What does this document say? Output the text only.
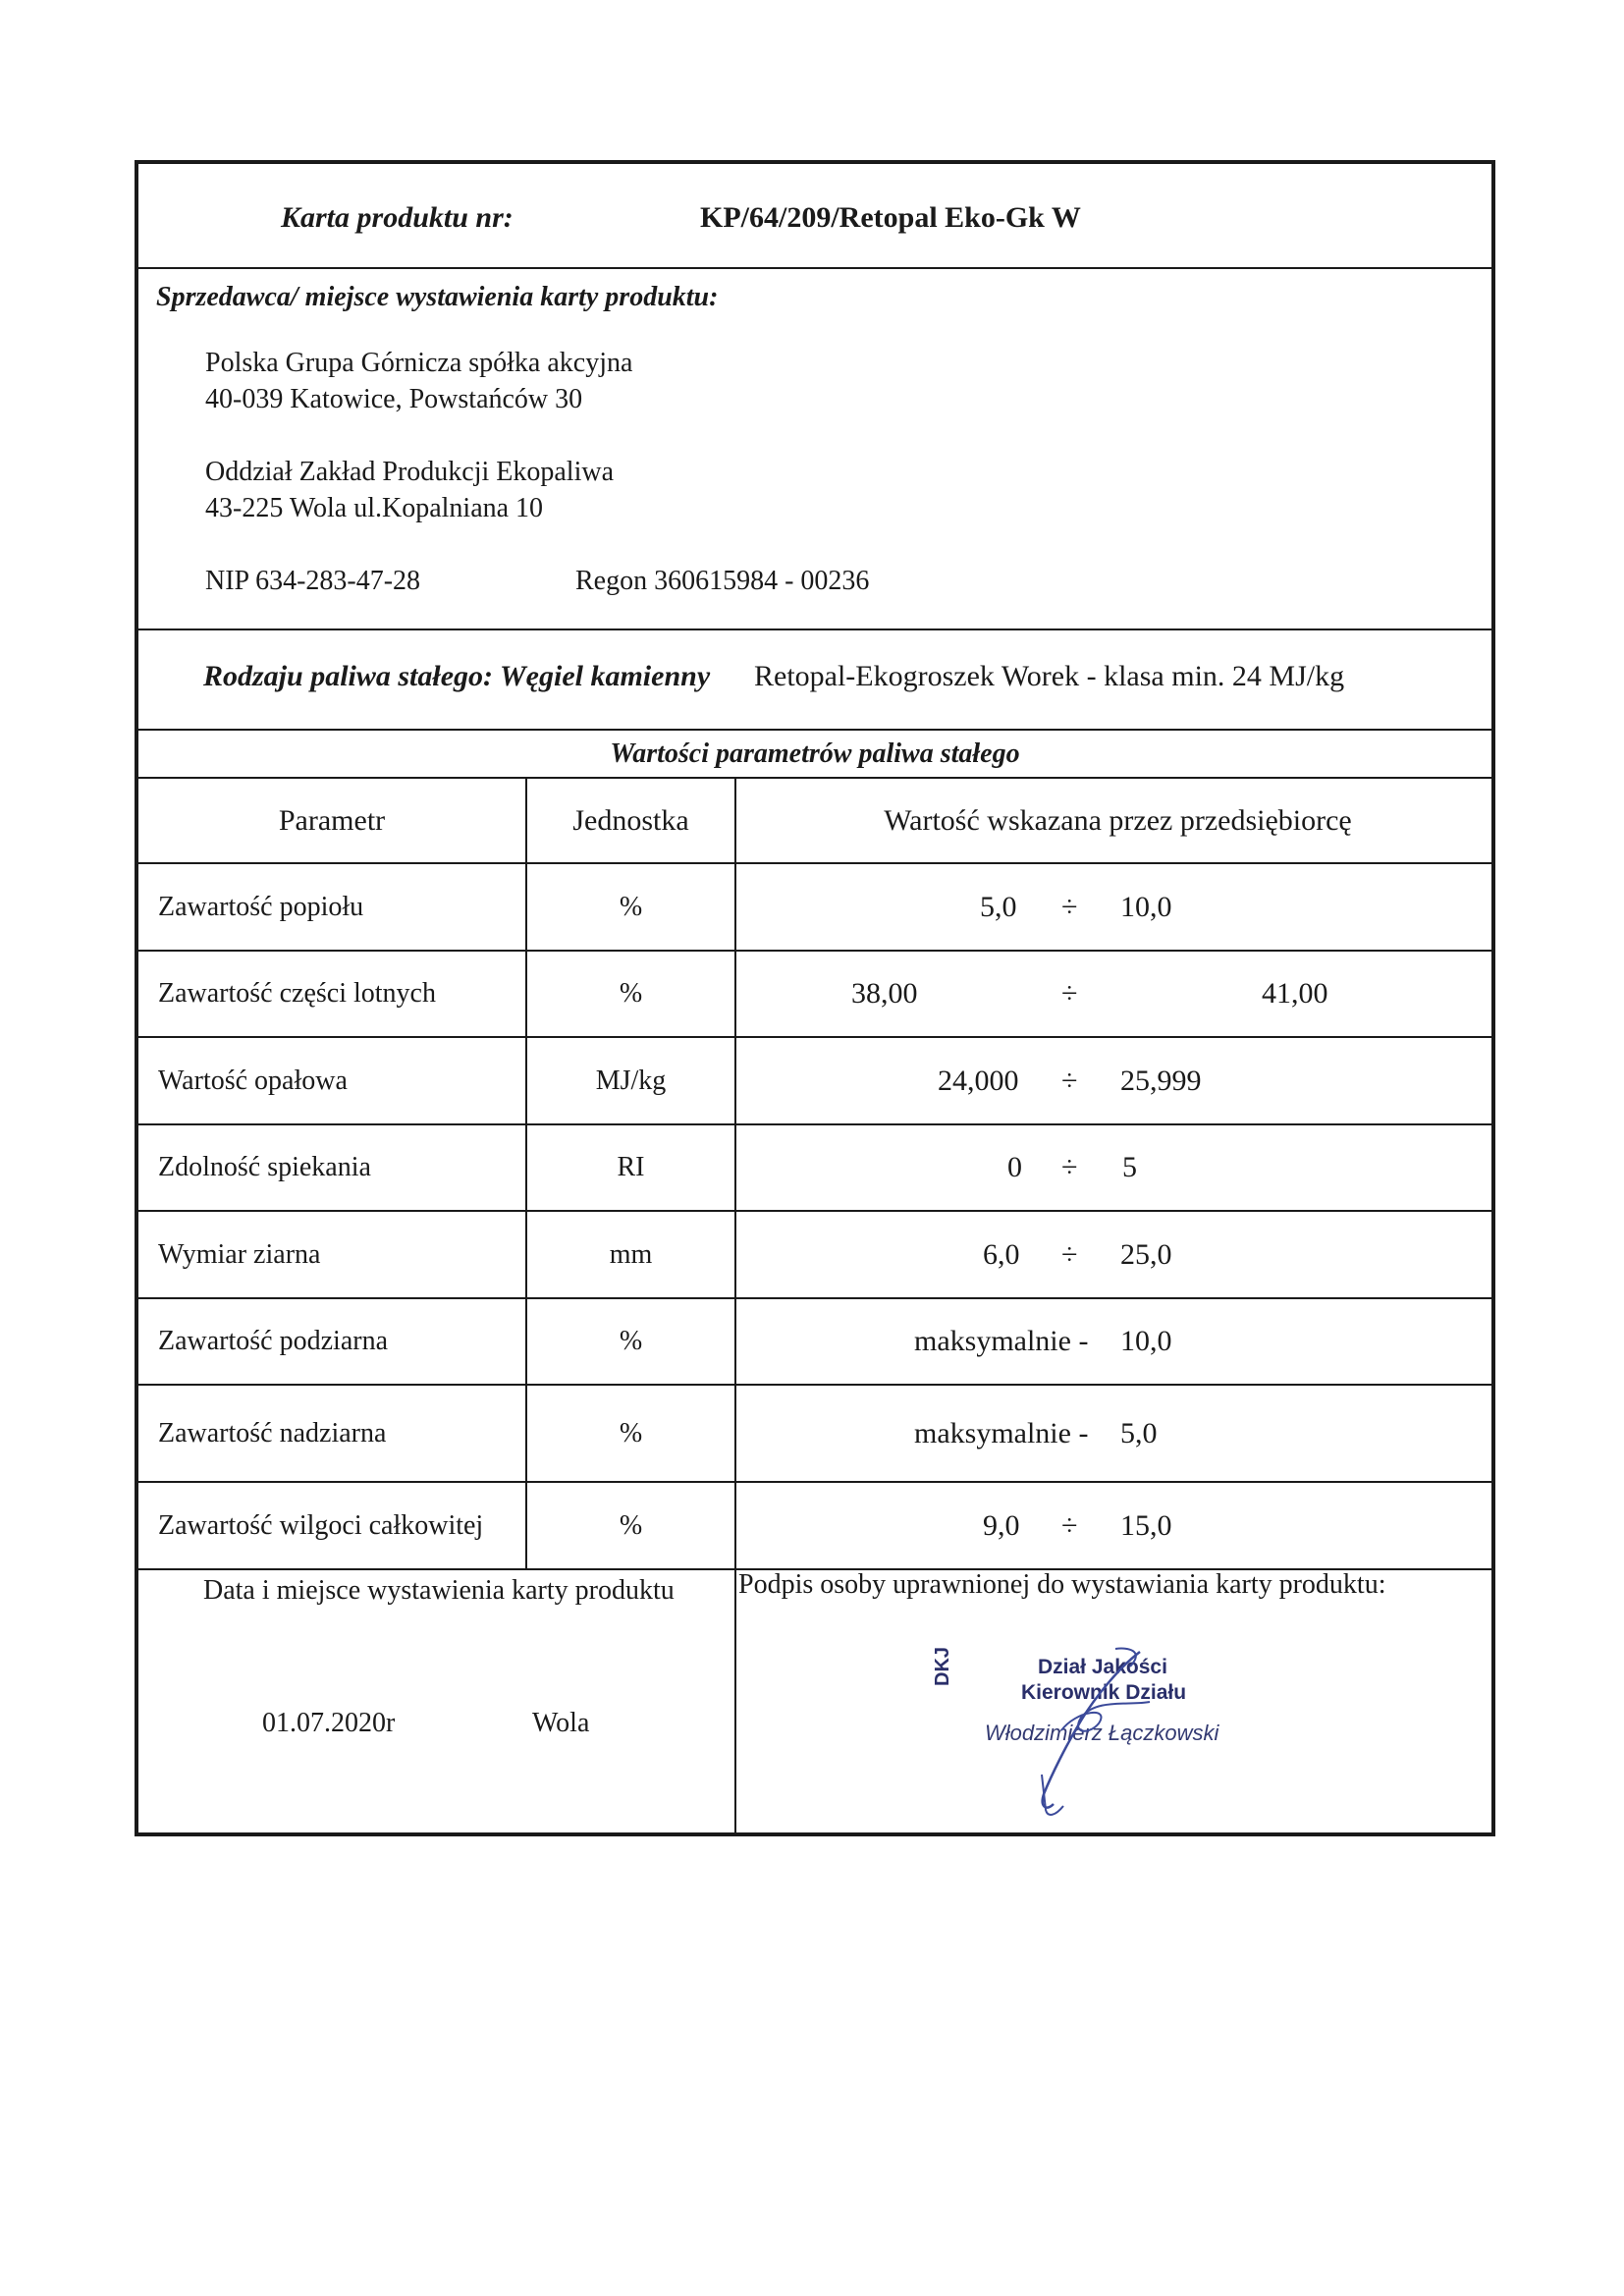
Karta produktu nr:	KP/64/209/Retopal Eko-Gk W
Sprzedawca/ miejsce wystawienia karty produktu:
Polska Grupa Górnicza spółka akcyjna
40-039 Katowice, Powstańców 30
Oddział Zakład Produkcji Ekopaliwa
43-225 Wola ul.Kopalniana 10
NIP 634-283-47-28	Regon 360615984 - 00236
Rodzaju paliwa stałego: Węgiel kamienny Retopal-Ekogroszek Worek - klasa min. 24 MJ/kg
Wartości parametrów paliwa stałego
Parametr	Jednostka	Wartość wskazana przez przedsiębiorcę
Zawartość popiołu	%	5,0 ÷ 10,0
Zawartość części lotnych	%	38,00	÷	41,00
Wartość opałowa	MJ/kg	24,000 ÷ 25,999
Zdolność spiekania	RI	0 ÷ 5
Wymiar ziarna	mm	6,0 ÷ 25,0
Zawartość podziarna	%	maksymalnie - 10,0
Zawartość nadziarna	%	maksymalnie - 5,0
Zawartość wilgoci całkowitej	%	9,0 ÷ 15,0
Data i miejsce wystawienia karty produktu Podpis osoby uprawnionej do wystawiania karty produktu:
01.07.2020r	Wola
DKJ	Dział Jakości
Kierownik Działu
Włodzimierz Łączkowski
